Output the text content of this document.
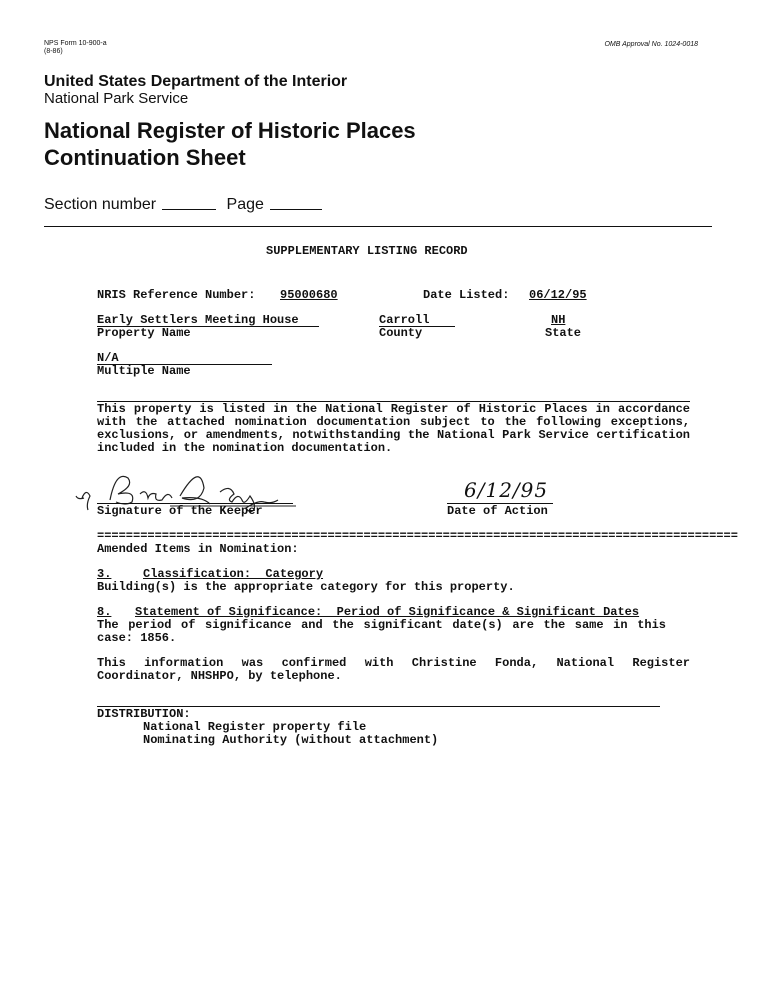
NPS Form 10-900-a
(8-86)
OMB Approval No. 1024-0018
United States Department of the Interior
National Park Service
National Register of Historic Places
Continuation Sheet
Section number	Page
SUPPLEMENTARY LISTING RECORD
NRIS Reference Number: 95000680	Date Listed: 06/12/95
Early Settlers Meeting House
Property Name
Carroll
County
NH
State
N/A
Multiple Name
This property is listed in the National Register of Historic Places in accordance with the attached nomination documentation subject to the following exceptions, exclusions, or amendments, notwithstanding the National Park Service certification included in the nomination documentation.
Signature of the Keeper
6/12/95
Date of Action
=========================================================================================
Amended Items in Nomination:
3.	Classification:  Category
Building(s) is the appropriate category for this property.
8. Statement of Significance:  Period of Significance & Significant Dates
The period of significance and the significant date(s) are the same in this case: 1856.
This information was confirmed with Christine Fonda, National Register Coordinator, NHSHPO, by telephone.
DISTRIBUTION:
National Register property file
Nominating Authority (without attachment)
